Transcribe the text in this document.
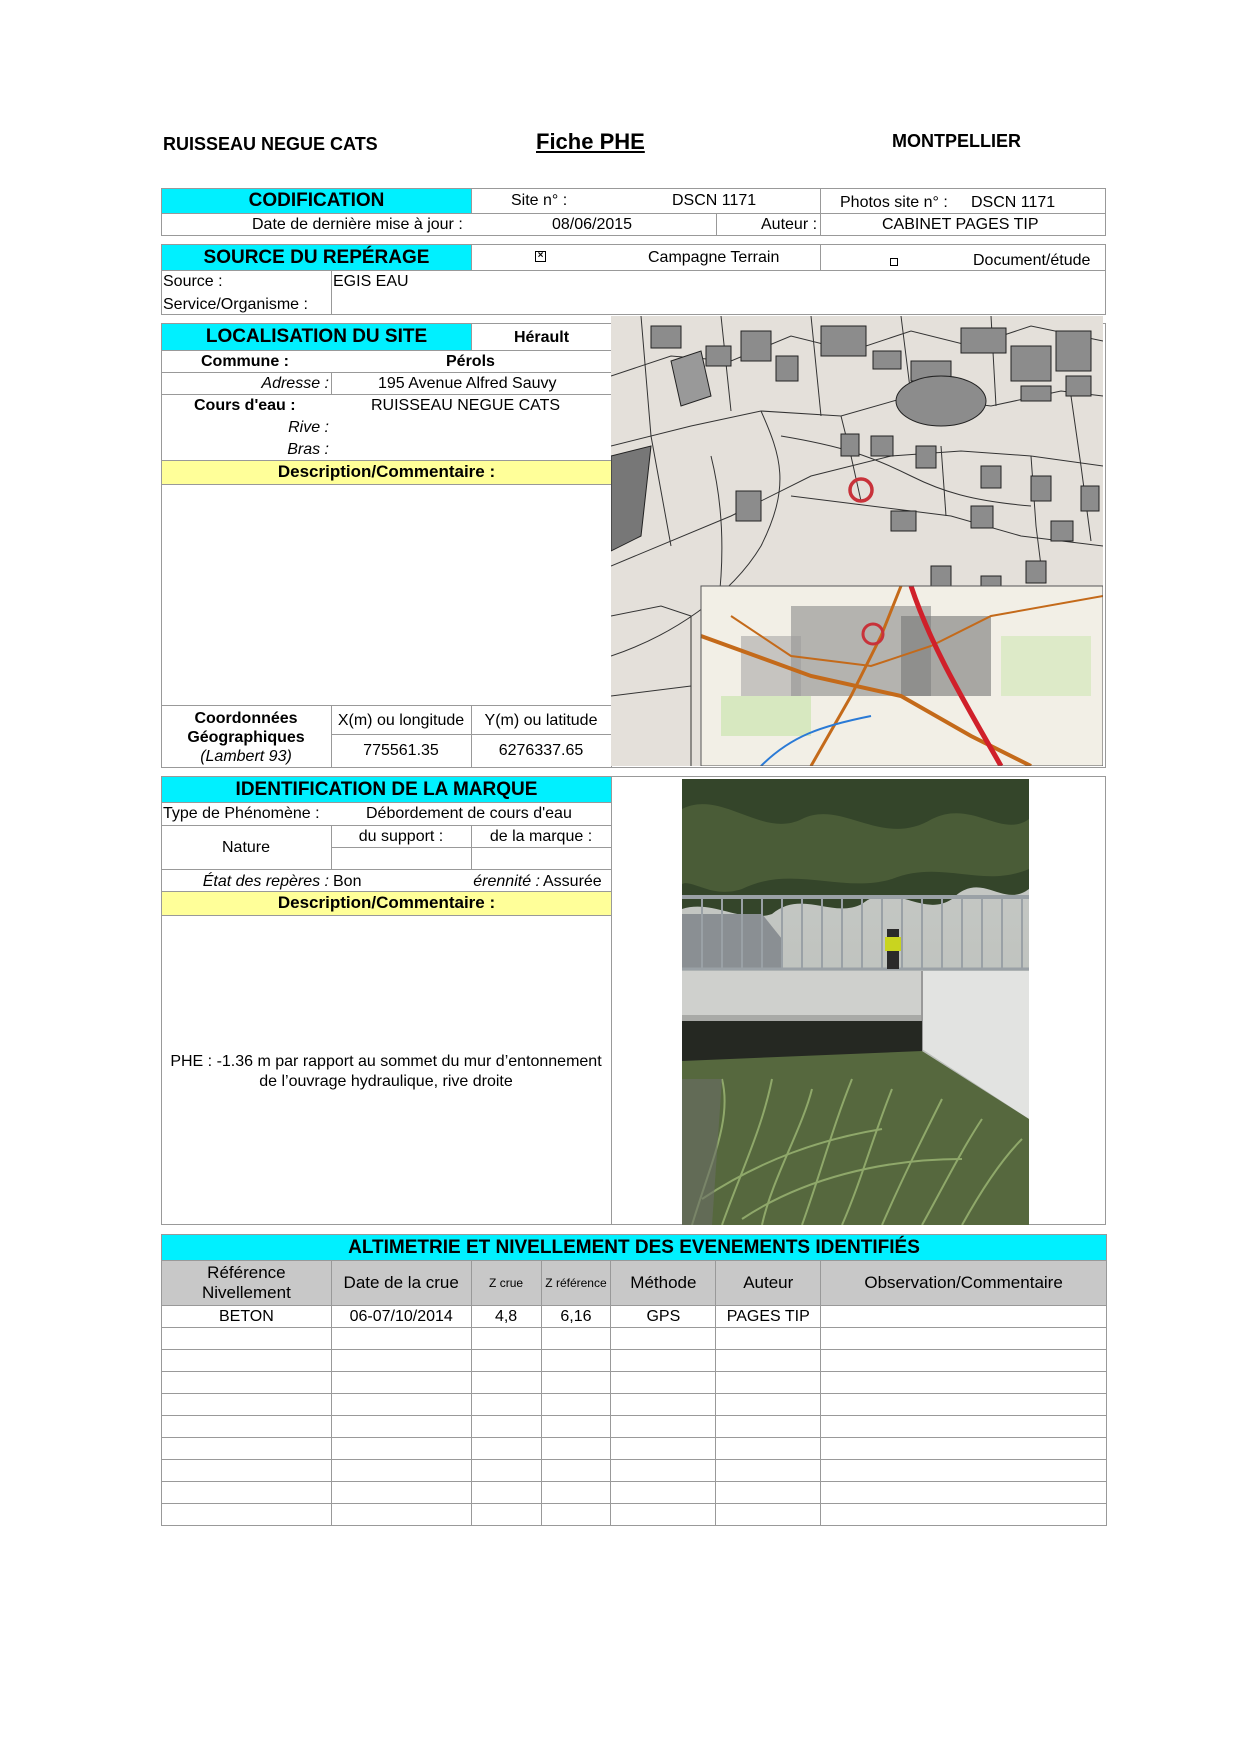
RUISSEAU NEGUE CATS	Fiche PHE	MONTPELLIER
CODIFICATION	Site n° :	DSCN 1171	Photos site n° : DSCN 1171
Date de dernière mise à jour :	08/06/2015	Auteur :	CABINET PAGES TIP
SOURCE DU REPÉRAGE	×	Campagne Terrain	Document/étude
Source :	EGIS EAU
Service/Organisme :
LOCALISATION DU SITE	Hérault
Commune :	Pérols
Adresse :	195 Avenue Alfred Sauvy
Cours d'eau :	RUISSEAU NEGUE CATS
Rive :
Bras :
Description/Commentaire :
Coordonnées
Géographiques
(Lambert 93)
X(m) ou longitude	Y(m) ou latitude
775561.35	6276337.65
IDENTIFICATION DE LA MARQUE
Type de Phénomène :	Débordement de cours d'eau
du support :	de la marque :
Nature
État des repères : Bon	érennité : Assurée
Description/Commentaire :
PHE : -1.36 m par rapport au sommet du mur d’entonnement
de l’ouvrage hydraulique, rive droite
ALTIMETRIE ET NIVELLEMENT DES EVENEMENTS IDENTIFIÉS
Référence Nivellement	Date de la crue	Z crue	Z référence	Méthode	Auteur	Observation/Commentaire
BETON	06-07/10/2014	4,8	6,16	GPS	PAGES TIP	
